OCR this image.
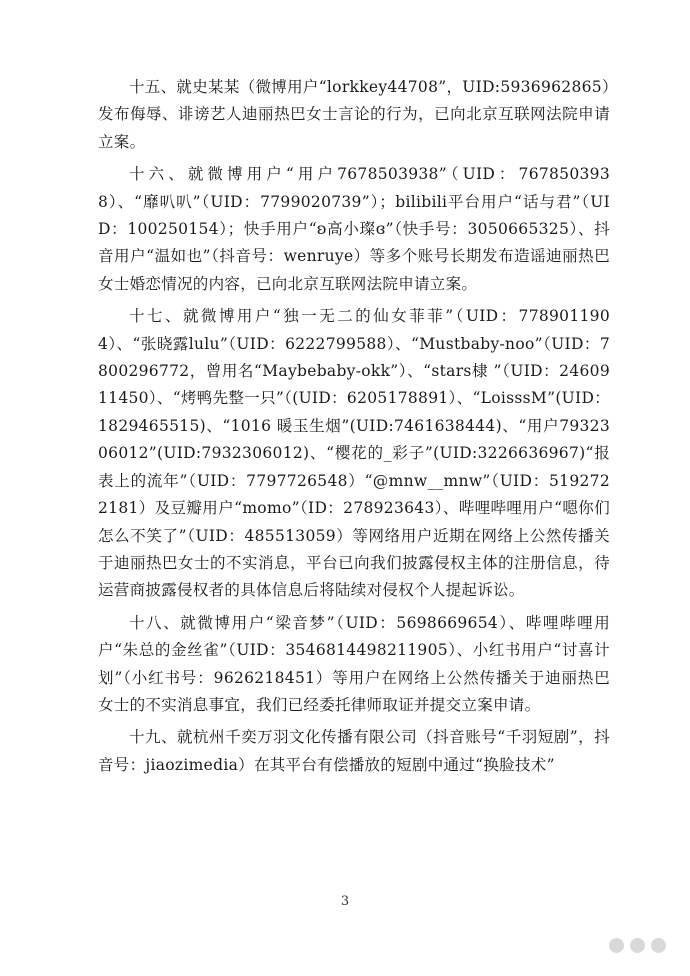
十五、就史某某（微博用户“lorkkey44708”，UID:5936962865）发布侮辱、诽谤艺人迪丽热巴女士言论的行为，已向北京互联网法院申请立案。

十六、就微博用户“用户7678503938”（UID：7678503938）、“靡叭叭”（UID：7799020739”）；bilibili平台用户“话与君”（UID：100250154）；快手用户“ʚ高小璨ɞ”（快手号：3050665325）、抖音用户“温如也”（抖音号：wenruye）等多个账号长期发布造谣迪丽热巴女士婚恋情况的内容，已向北京互联网法院申请立案。

十七、就微博用户“独一无二的仙女菲菲”（UID：7789011904）、“张晓露lulu”（UID：6222799588）、“Mustbaby-noo”（UID：7800296772，曾用名“Maybebaby-okk”）、“stars棣 ”（UID：2460911450）、“烤鸭先整一只”（(UID：6205178891）、“LoisssM”(UID：1829465515)、“1016 暖玉生烟”(UID:7461638444)、“用户7932306012”(UID:7932306012)、“樱花的_彩子”(UID:3226636967)“报表上的流年”（UID：7797726548）“@mnw__mnw”（UID：5192722181）及豆瓣用户“momo”（ID：278923643）、哔哩哔哩用户“嗯你们怎么不笑了”（UID：485513059）等网络用户近期在网络上公然传播关于迪丽热巴女士的不实消息，平台已向我们披露侵权主体的注册信息，待运营商披露侵权者的具体信息后将陆续对侵权个人提起诉讼。

十八、就微博用户“梁音梦”（UID：5698669654）、哔哩哔哩用户“朱总的金丝雀”（UID：3546814498211905）、小红书用户“讨喜计划”（小红书号：9626218451）等用户在网络上公然传播关于迪丽热巴女士的不实消息事宜，我们已经委托律师取证并提交立案申请。

十九、就杭州千奕万羽文化传播有限公司（抖音账号“千羽短剧”，抖音号：jiaozimedia）在其平台有偿播放的短剧中通过“换脸技术”

3
